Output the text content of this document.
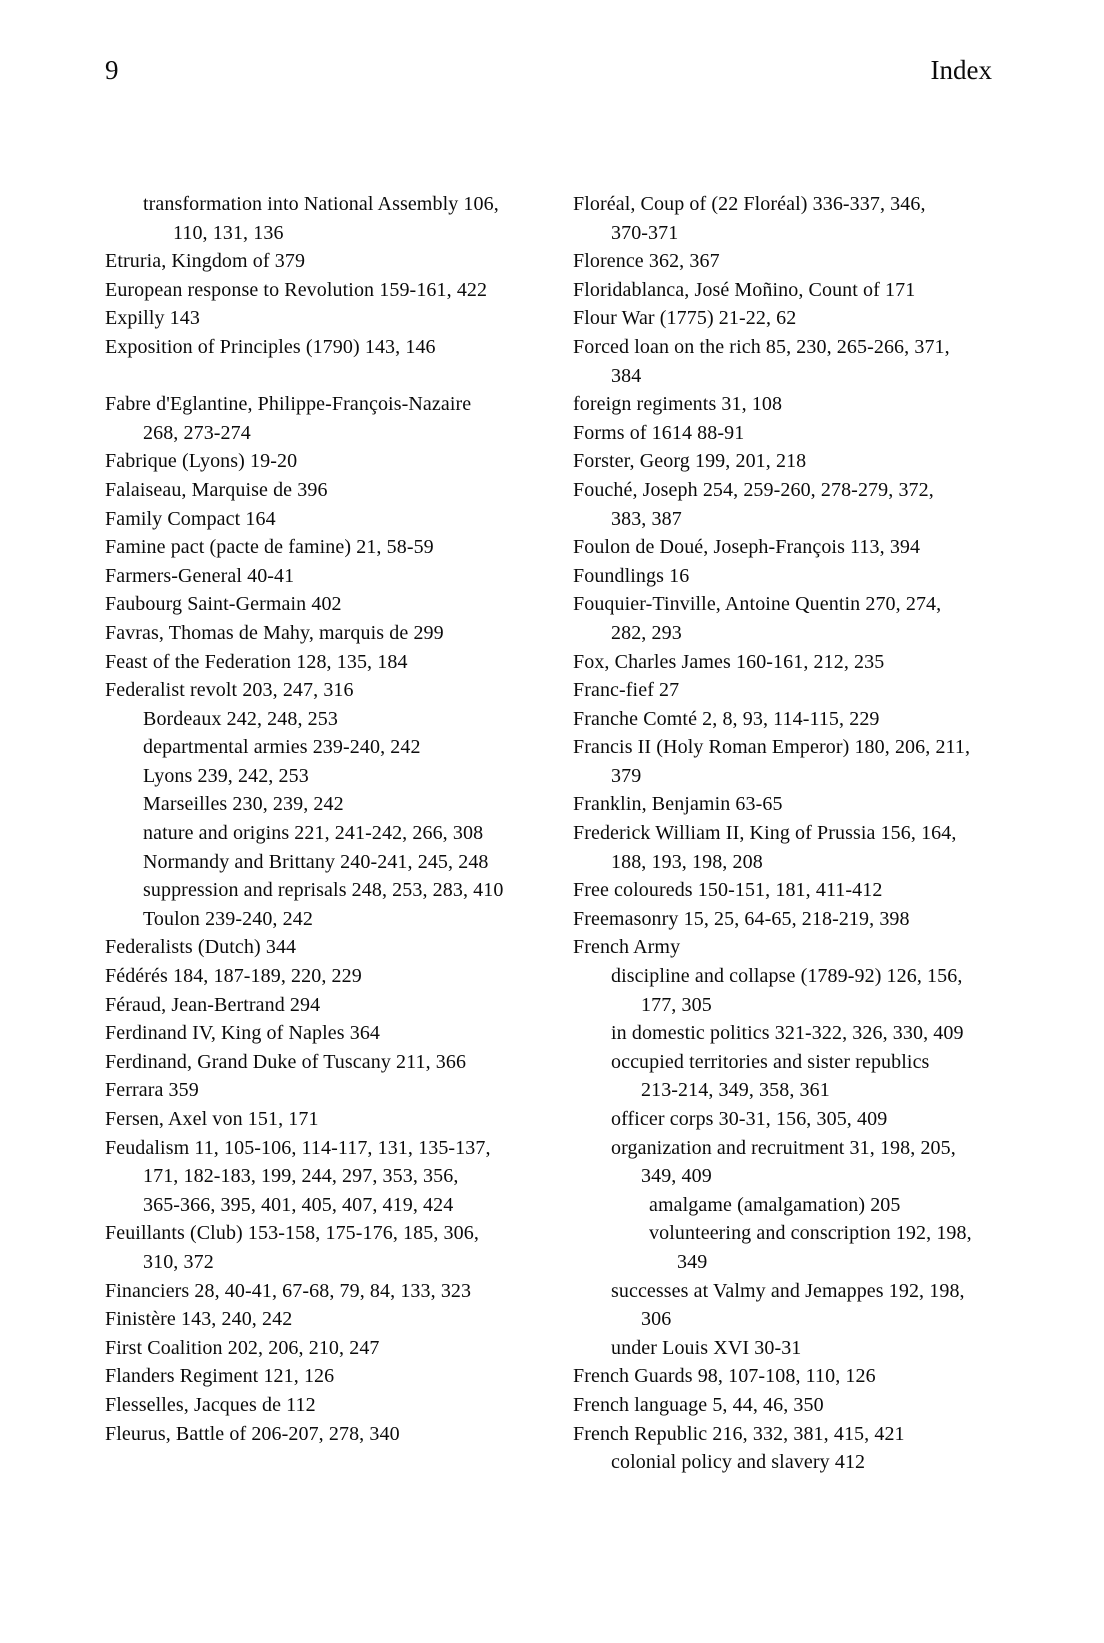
9	Index
transformation into National Assembly 106,
110, 131, 136
Etruria, Kingdom of 379
European response to Revolution 159-161, 422
Expilly 143
Exposition of Principles (1790) 143, 146
Fabre d'Eglantine, Philippe-François-Nazaire
268, 273-274
Fabrique (Lyons) 19-20
Falaiseau, Marquise de 396
Family Compact 164
Famine pact (pacte de famine) 21, 58-59
Farmers-General 40-41
Faubourg Saint-Germain 402
Favras, Thomas de Mahy, marquis de 299
Feast of the Federation 128, 135, 184
Federalist revolt 203, 247, 316
Bordeaux 242, 248, 253
departmental armies 239-240, 242
Lyons 239, 242, 253
Marseilles 230, 239, 242
nature and origins 221, 241-242, 266, 308
Normandy and Brittany 240-241, 245, 248
suppression and reprisals 248, 253, 283, 410
Toulon 239-240, 242
Federalists (Dutch) 344
Fédérés 184, 187-189, 220, 229
Féraud, Jean-Bertrand 294
Ferdinand IV, King of Naples 364
Ferdinand, Grand Duke of Tuscany 211, 366
Ferrara 359
Fersen, Axel von 151, 171
Feudalism 11, 105-106, 114-117, 131, 135-137,
171, 182-183, 199, 244, 297, 353, 356,
365-366, 395, 401, 405, 407, 419, 424
Feuillants (Club) 153-158, 175-176, 185, 306,
310, 372
Financiers 28, 40-41, 67-68, 79, 84, 133, 323
Finistère 143, 240, 242
First Coalition 202, 206, 210, 247
Flanders Regiment 121, 126
Flesselles, Jacques de 112
Fleurus, Battle of 206-207, 278, 340
Floréal, Coup of (22 Floréal) 336-337, 346,
370-371
Florence 362, 367
Floridablanca, José Moñino, Count of 171
Flour War (1775) 21-22, 62
Forced loan on the rich 85, 230, 265-266, 371,
384
foreign regiments 31, 108
Forms of 1614 88-91
Forster, Georg 199, 201, 218
Fouché, Joseph 254, 259-260, 278-279, 372,
383, 387
Foulon de Doué, Joseph-François 113, 394
Foundlings 16
Fouquier-Tinville, Antoine Quentin 270, 274,
282, 293
Fox, Charles James 160-161, 212, 235
Franc-fief 27
Franche Comté 2, 8, 93, 114-115, 229
Francis II (Holy Roman Emperor) 180, 206, 211,
379
Franklin, Benjamin 63-65
Frederick William II, King of Prussia 156, 164,
188, 193, 198, 208
Free coloureds 150-151, 181, 411-412
Freemasonry 15, 25, 64-65, 218-219, 398
French Army
discipline and collapse (1789-92) 126, 156,
177, 305
in domestic politics 321-322, 326, 330, 409
occupied territories and sister republics
213-214, 349, 358, 361
officer corps 30-31, 156, 305, 409
organization and recruitment 31, 198, 205,
349, 409
amalgame (amalgamation) 205
volunteering and conscription 192, 198,
349
successes at Valmy and Jemappes 192, 198,
306
under Louis XVI 30-31
French Guards 98, 107-108, 110, 126
French language 5, 44, 46, 350
French Republic 216, 332, 381, 415, 421
colonial policy and slavery 412
